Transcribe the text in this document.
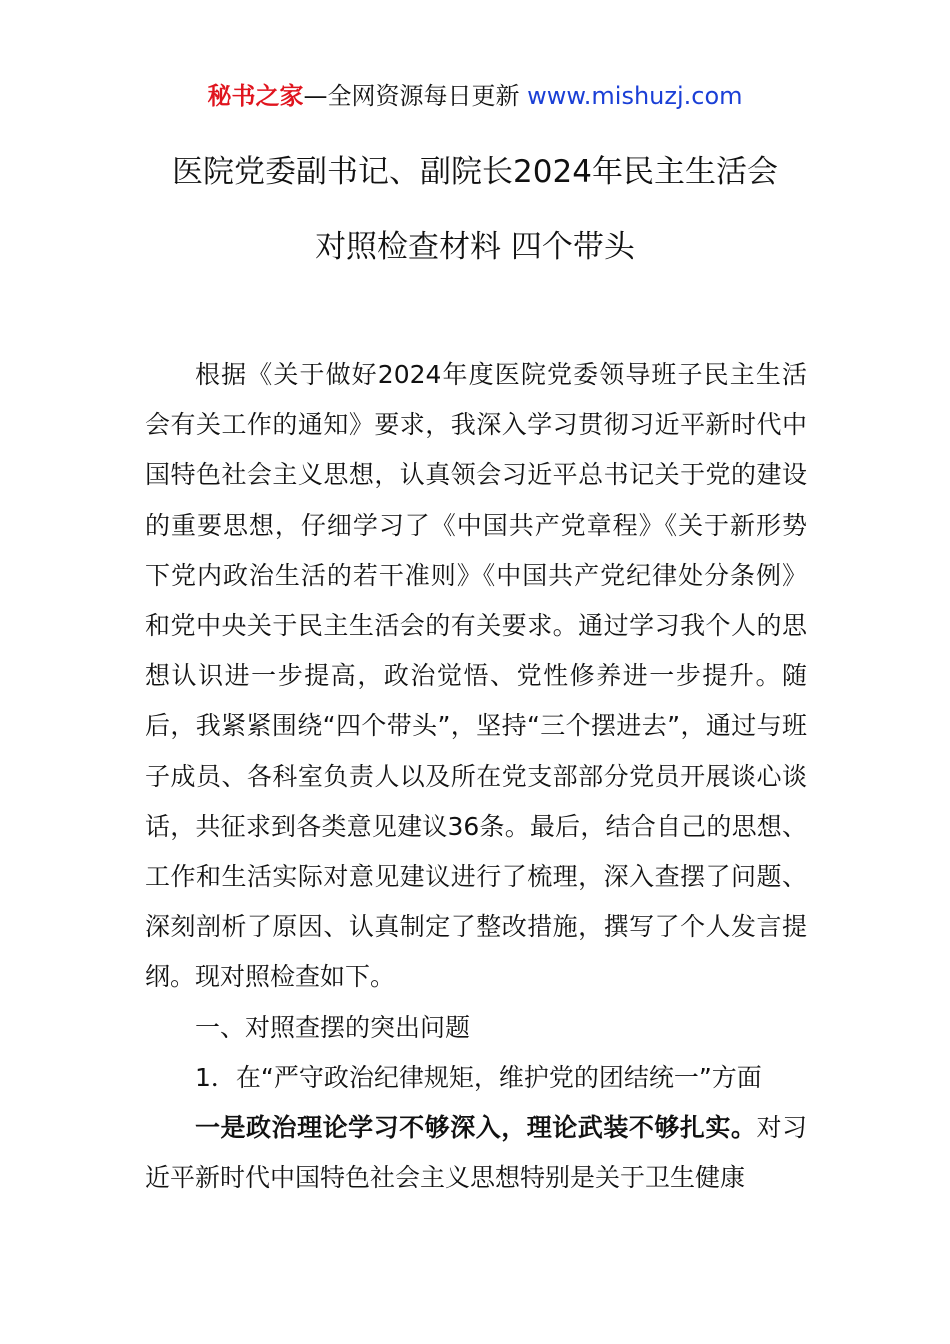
秘书之家—全网资源每日更新 www.mishuzj.com
医院党委副书记、副院长2024年民主生活会
对照检查材料 四个带头

根据《关于做好2024年度医院党委领导班子民主生活会有关工作的通知》要求，我深入学习贯彻习近平新时代中国特色社会主义思想，认真领会习近平总书记关于党的建设的重要思想，仔细学习了《中国共产党章程》《关于新形势下党内政治生活的若干准则》《中国共产党纪律处分条例》和党中央关于民主生活会的有关要求。通过学习我个人的思想认识进一步提高，政治觉悟、党性修养进一步提升。随后，我紧紧围绕“四个带头”，坚持“三个摆进去”，通过与班子成员、各科室负责人以及所在党支部部分党员开展谈心谈话，共征求到各类意见建议36条。最后，结合自己的思想、工作和生活实际对意见建议进行了梳理，深入查摆了问题、深刻剖析了原因、认真制定了整改措施，撰写了个人发言提纲。现对照检查如下。

一、对照查摆的突出问题

1．在“严守政治纪律规矩，维护党的团结统一”方面

一是政治理论学习不够深入，理论武装不够扎实。对习近平新时代中国特色社会主义思想特别是关于卫生健康
